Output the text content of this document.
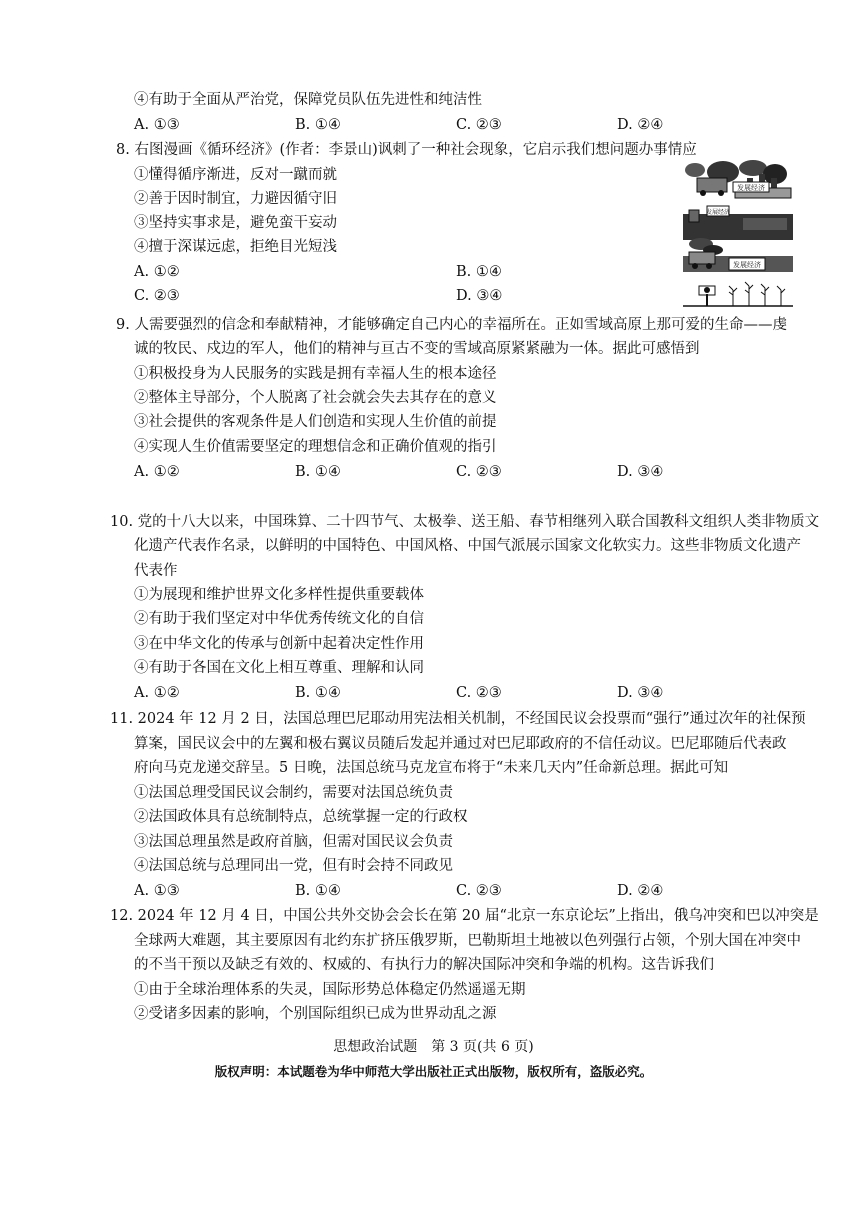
④有助于全面从严治党，保障党员队伍先进性和纯洁性
A. ①③	B. ①④	C. ②③	D. ②④
8. 右图漫画《循环经济》(作者：李景山)讽刺了一种社会现象，它启示我们想问题办事情应
①懂得循序渐进，反对一蹴而就
②善于因时制宜，力避因循守旧
③坚持实事求是，避免蛮干妄动
④擅于深谋远虑，拒绝目光短浅
A. ①②	B. ①④
C. ②③	D. ③④
发展经济
发展经济
发展经济
9. 人需要强烈的信念和奉献精神，才能够确定自己内心的幸福所在。正如雪域高原上那可爱的生命——虔
诚的牧民、戍边的军人，他们的精神与亘古不变的雪域高原紧紧融为一体。据此可感悟到
①积极投身为人民服务的实践是拥有幸福人生的根本途径
②整体主导部分，个人脱离了社会就会失去其存在的意义
③社会提供的客观条件是人们创造和实现人生价值的前提
④实现人生价值需要坚定的理想信念和正确价值观的指引
A. ①②	B. ①④	C. ②③	D. ③④
10. 党的十八大以来，中国珠算、二十四节气、太极拳、送王船、春节相继列入联合国教科文组织人类非物质文
化遗产代表作名录，以鲜明的中国特色、中国风格、中国气派展示国家文化软实力。这些非物质文化遗产
代表作
①为展现和维护世界文化多样性提供重要载体
②有助于我们坚定对中华优秀传统文化的自信
③在中华文化的传承与创新中起着决定性作用
④有助于各国在文化上相互尊重、理解和认同
A. ①②	B. ①④	C. ②③	D. ③④
11. 2024 年 12 月 2 日，法国总理巴尼耶动用宪法相关机制，不经国民议会投票而“强行”通过次年的社保预
算案，国民议会中的左翼和极右翼议员随后发起并通过对巴尼耶政府的不信任动议。巴尼耶随后代表政
府向马克龙递交辞呈。5 日晚，法国总统马克龙宣布将于“未来几天内”任命新总理。据此可知
①法国总理受国民议会制约，需要对法国总统负责
②法国政体具有总统制特点，总统掌握一定的行政权
③法国总理虽然是政府首脑，但需对国民议会负责
④法国总统与总理同出一党，但有时会持不同政见
A. ①③	B. ①④	C. ②③	D. ②④
12. 2024 年 12 月 4 日，中国公共外交协会会长在第 20 届“北京一东京论坛”上指出，俄乌冲突和巴以冲突是
全球两大难题，其主要原因有北约东扩挤压俄罗斯，巴勒斯坦土地被以色列强行占领，个别大国在冲突中
的不当干预以及缺乏有效的、权威的、有执行力的解决国际冲突和争端的机构。这告诉我们
①由于全球治理体系的失灵，国际形势总体稳定仍然遥遥无期
②受诸多因素的影响，个别国际组织已成为世界动乱之源
思想政治试题　第 3 页(共 6 页)
版权声明：本试题卷为华中师范大学出版社正式出版物，版权所有，盗版必究。
